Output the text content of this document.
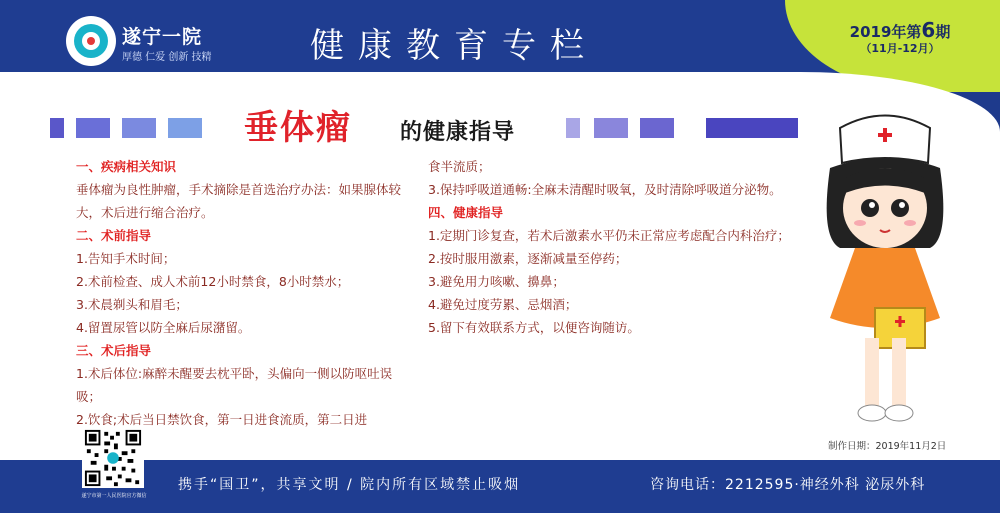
遂宁一院
厚德 仁爱 创新 技精	健康教育专栏	2019年第6期
（11月-12月）
垂体瘤 的健康指导
一、疾病相关知识
垂体瘤为良性肿瘤，手术摘除是首选治疗办法：如果腺体较大，术后进行缩合治疗。
二、术前指导
1.告知手术时间；
2.术前检查、成人术前12小时禁食，8小时禁水；
3.术晨剃头和眉毛；
4.留置尿管以防全麻后尿潴留。
三、术后指导
1.术后体位:麻醉未醒要去枕平卧，头偏向一侧以防呕吐误吸；
2.饮食;术后当日禁饮食，第一日进食流质，第二日进
食半流质；
3.保持呼吸道通畅:全麻未清醒时吸氧，及时清除呼吸道分泌物。
四、健康指导
1.定期门诊复查，若术后激素水平仍未正常应考虑配合内科治疗；
2.按时服用激素，逐渐减量至停药；
3.避免用力咳嗽、擤鼻；
4.避免过度劳累、忌烟酒；
5.留下有效联系方式，以便咨询随访。
制作日期：2019年11月2日
遂宁市第一人民医院官方微信
携手“国卫”，共享文明 / 院内所有区域禁止吸烟	咨询电话：2212595·神经外科 泌尿外科
